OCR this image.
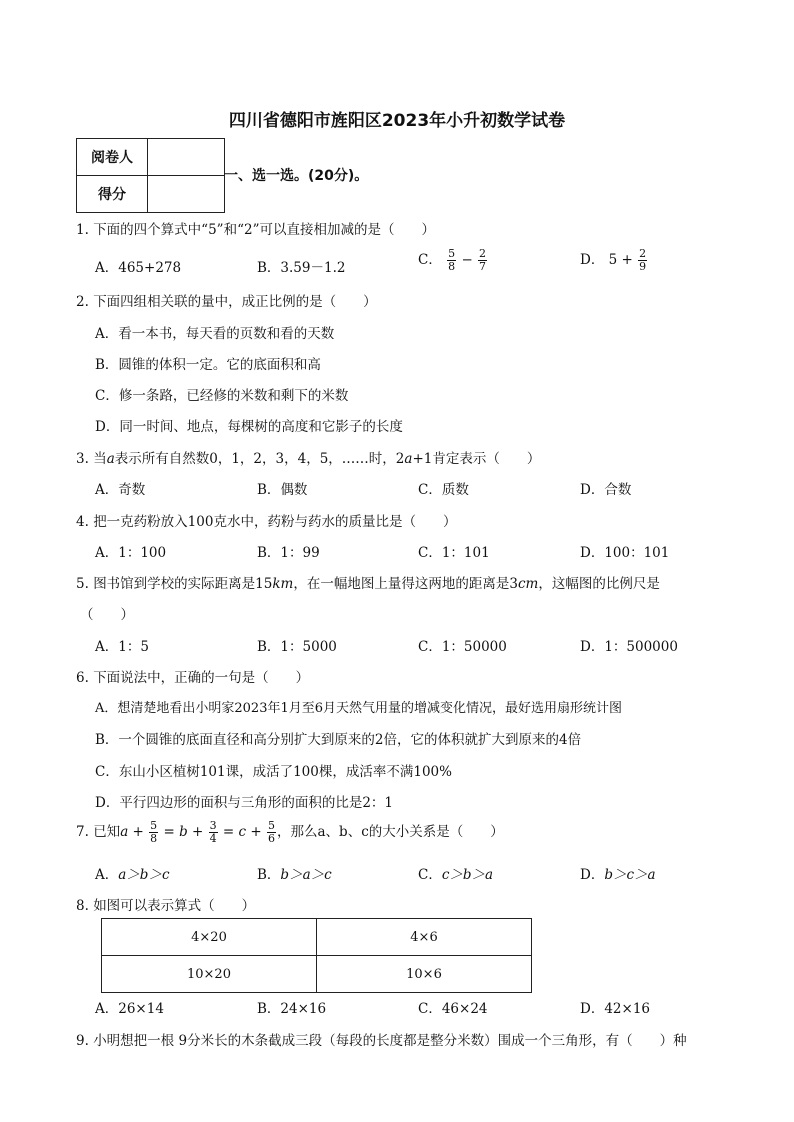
四川省德阳市旌阳区2023年小升初数学试卷
阅卷人	
得分	
一、选一选。(20分)。
1. 下面的四个算式中“5”和“2”可以直接相加减的是（　　）
A．465+278	B．3.59－1.2	C． $\frac{5}{8} - \frac{2}{7}$	D． $5 + \frac{2}{9}$
2. 下面四组相关联的量中，成正比例的是（　　）
A．看一本书，每天看的页数和看的天数
B．圆锥的体积一定。它的底面积和高
C．修一条路，已经修的米数和剩下的米数
D．同一时间、地点，每棵树的高度和它影子的长度
3. 当a表示所有自然数0，1，2，3，4，5，……时，2a+1肯定表示（　　）
A．奇数	B．偶数	C．质数	D．合数
4. 把一克药粉放入100克水中，药粉与药水的质量比是（　　）
A．1：100	B．1：99	C．1：101	D．100：101
5. 图书馆到学校的实际距离是15km，在一幅地图上量得这两地的距离是3cm，这幅图的比例尺是
（　　）
A．1：5	B．1：5000	C．1：50000	D．1：500000
6. 下面说法中，正确的一句是（　　）
A．想清楚地看出小明家2023年1月至6月天然气用量的增减变化情况，最好选用扇形统计图
B．一个圆锥的底面直径和高分别扩大到原来的2倍，它的体积就扩大到原来的4倍
C．东山小区植树101课，成活了100棵，成活率不满100%
D．平行四边形的面积与三角形的面积的比是2：1
7. 已知$a + \frac{5}{8} = b + \frac{3}{4} = c + \frac{5}{6}$ ，那么a、b、c的大小关系是（　　）
A．a＞b＞c	B．b＞a＞c	C．c＞b＞a	D．b＞c＞a
8. 如图可以表示算式（　　）
4×20	4×6
10×20	10×6
A．26×14	B．24×16	C．46×24	D．42×16
9. 小明想把一根 9分米长的木条截成三段（每段的长度都是整分米数）围成一个三角形，有（　　）种
